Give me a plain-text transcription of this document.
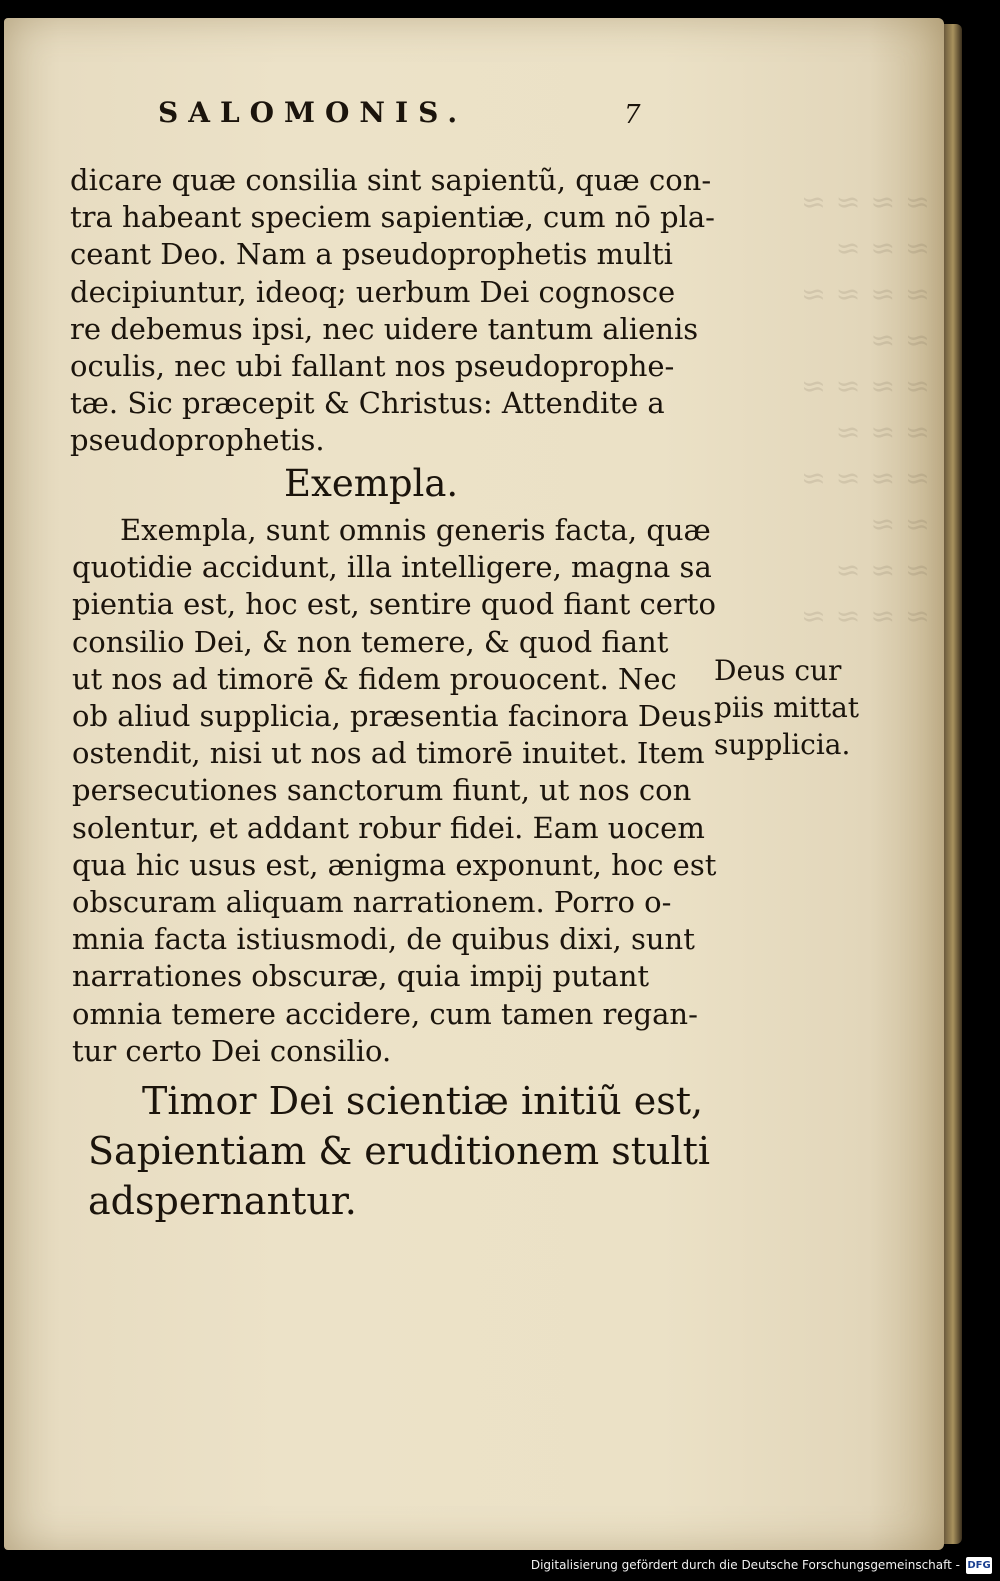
≈ ≈ ≈ ≈
≈ ≈ ≈
≈ ≈ ≈ ≈
≈ ≈
≈ ≈ ≈ ≈
≈ ≈ ≈
≈ ≈ ≈ ≈
≈ ≈
≈ ≈ ≈
≈ ≈ ≈ ≈
SALOMONIS.	7
dicare quæ consilia sint sapientũ, quæ con-
tra habeant speciem sapientiæ, cum nō pla-
ceant Deo. Nam a pseudoprophetis multi
decipiuntur, ideoq; uerbum Dei cognosce
re debemus ipsi, nec uidere tantum alienis
oculis, nec ubi fallant nos pseudoprophe-
tæ. Sic præcepit & Christus: Attendite a
pseudoprophetis.
Exempla.
Exempla, sunt omnis generis facta, quæ
quotidie accidunt, illa intelligere, magna sa
pientia est, hoc est, sentire quod fiant certo
consilio Dei, & non temere, & quod fiant
ut nos ad timorē & fidem prouocent. Nec
ob aliud supplicia, præsentia facinora Deus
ostendit, nisi ut nos ad timorē inuitet. Item
persecutiones sanctorum fiunt, ut nos con
solentur, et addant robur fidei. Eam uocem
qua hic usus est, ænigma exponunt, hoc est
obscuram aliquam narrationem. Porro o-
mnia facta istiusmodi, de quibus dixi, sunt
narrationes obscuræ, quia impij putant
omnia temere accidere, cum tamen regan-
tur certo Dei consilio.
Deus cur
piis mittat
supplicia.
Timor Dei scientiæ initiũ est,
Sapientiam & eruditionem stulti
adspernantur.
Digitalisierung gefördert durch die Deutsche Forschungsgemeinschaft - DFG
